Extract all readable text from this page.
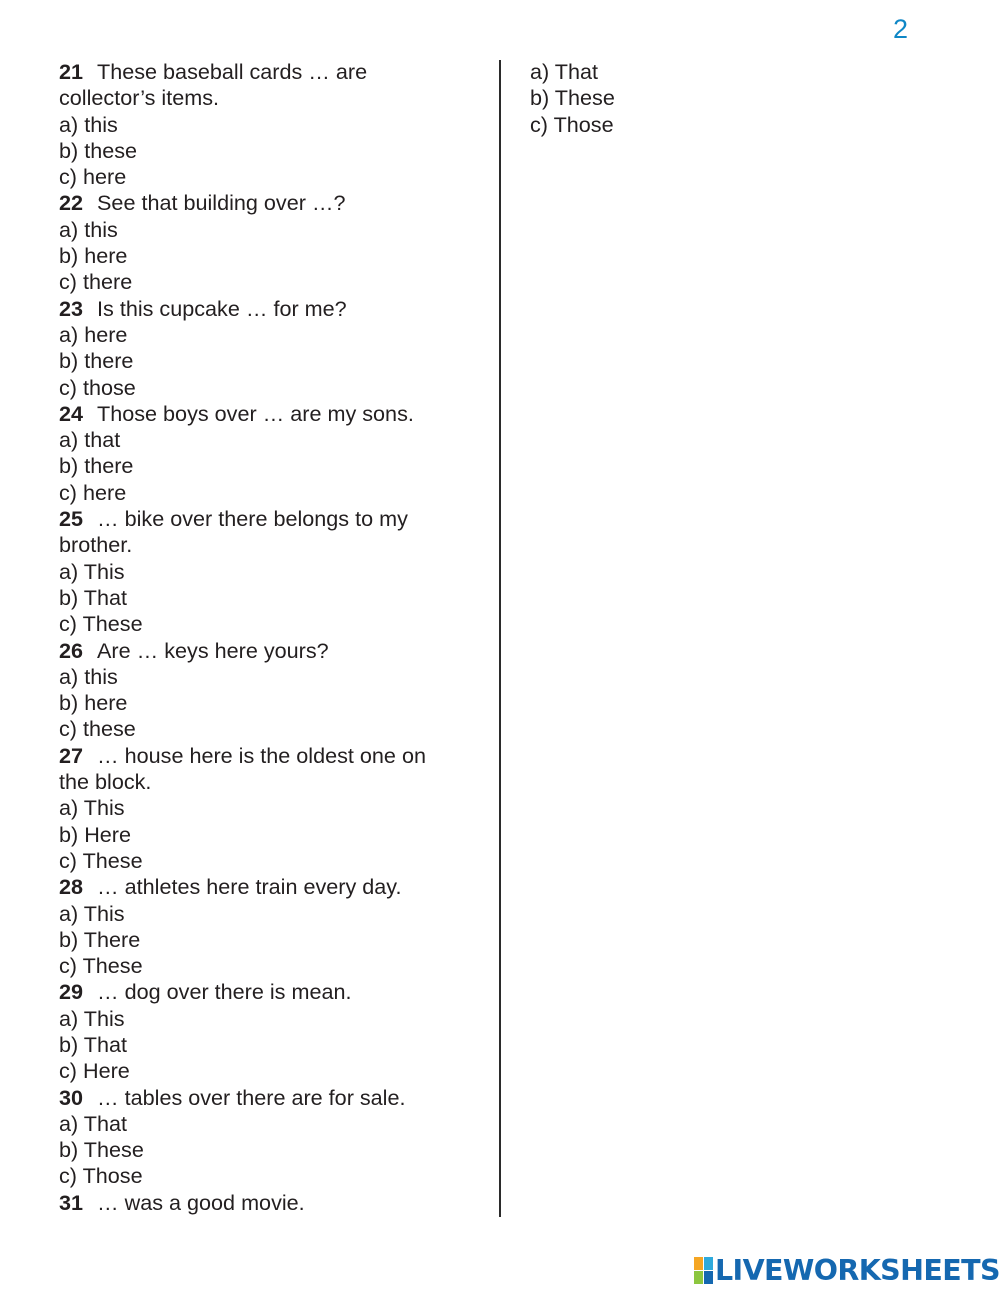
2

21 These baseball cards … are

collector’s items.

a) this

b) these

c) here

22 See that building over …?

a) this

b) here

c) there

23 Is this cupcake … for me?

a) here

b) there

c) those

24 Those boys over … are my sons.

a) that

b) there

c) here

25 … bike over there belongs to my

brother.

a) This

b) That

c) These

26 Are … keys here yours?

a) this

b) here

c) these

27 … house here is the oldest one on

the block.

a) This

b) Here

c) These

28 … athletes here train every day.

a) This

b) There

c) These

29 … dog over there is mean.

a) This

b) That

c) Here

30 … tables over there are for sale.

a) That

b) These

c) Those

31 … was a good movie.

a) That

b) These

c) Those

LIVEWORKSHEETS
